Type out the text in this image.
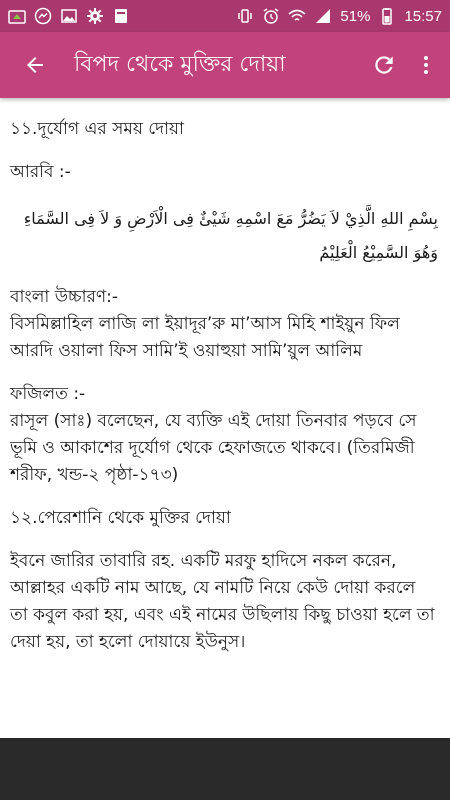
51% 15:57
বিপদ থেকে মুক্তির দোয়া

১১.দূর্যোগ এর সময় দোয়া

আরবি :-

بِسْمِ اللهِ الَّذِيْ لاَ يَضُرُّ مَعَ اسْمِهِ شَيْئٌ فِى الْاَرْضِ وَ لاَ فِى السَّمَاءِ وَهُوَ السَّمِيْعُ الْعَلِيْمُ

বাংলা উচ্চারণ:-

বিসমিল্লাহিল লাজি লা ইয়াদূর’রু মা’আস মিহি শাইয়ুন ফিল আরদি ওয়ালা ফিস সামি’ই ওয়াহুয়া সামি’য়ুল আলিম

ফজিলত :-

রাসূল (সাঃ) বলেছেন, যে ব্যক্তি এই দোয়া তিনবার পড়বে সে ভূমি ও আকাশের দূর্যোগ থেকে হেফাজতে থাকবে। (তিরমিজী শরীফ, খন্ড-২ পৃষ্ঠা-১৭৩)

১২.পেরেশানি থেকে মুক্তির দোয়া

ইবনে জারির তাবারি রহ. একটি মরফু হাদিসে নকল করেন, আল্লাহর একটি নাম আছে, যে নামটি নিয়ে কেউ দোয়া করলে তা কবুল করা হয়, এবং এই নামের উছিলায় কিছু চাওয়া হলে তা দেয়া হয়, তা হলো দোয়ায়ে ইউনুস।
